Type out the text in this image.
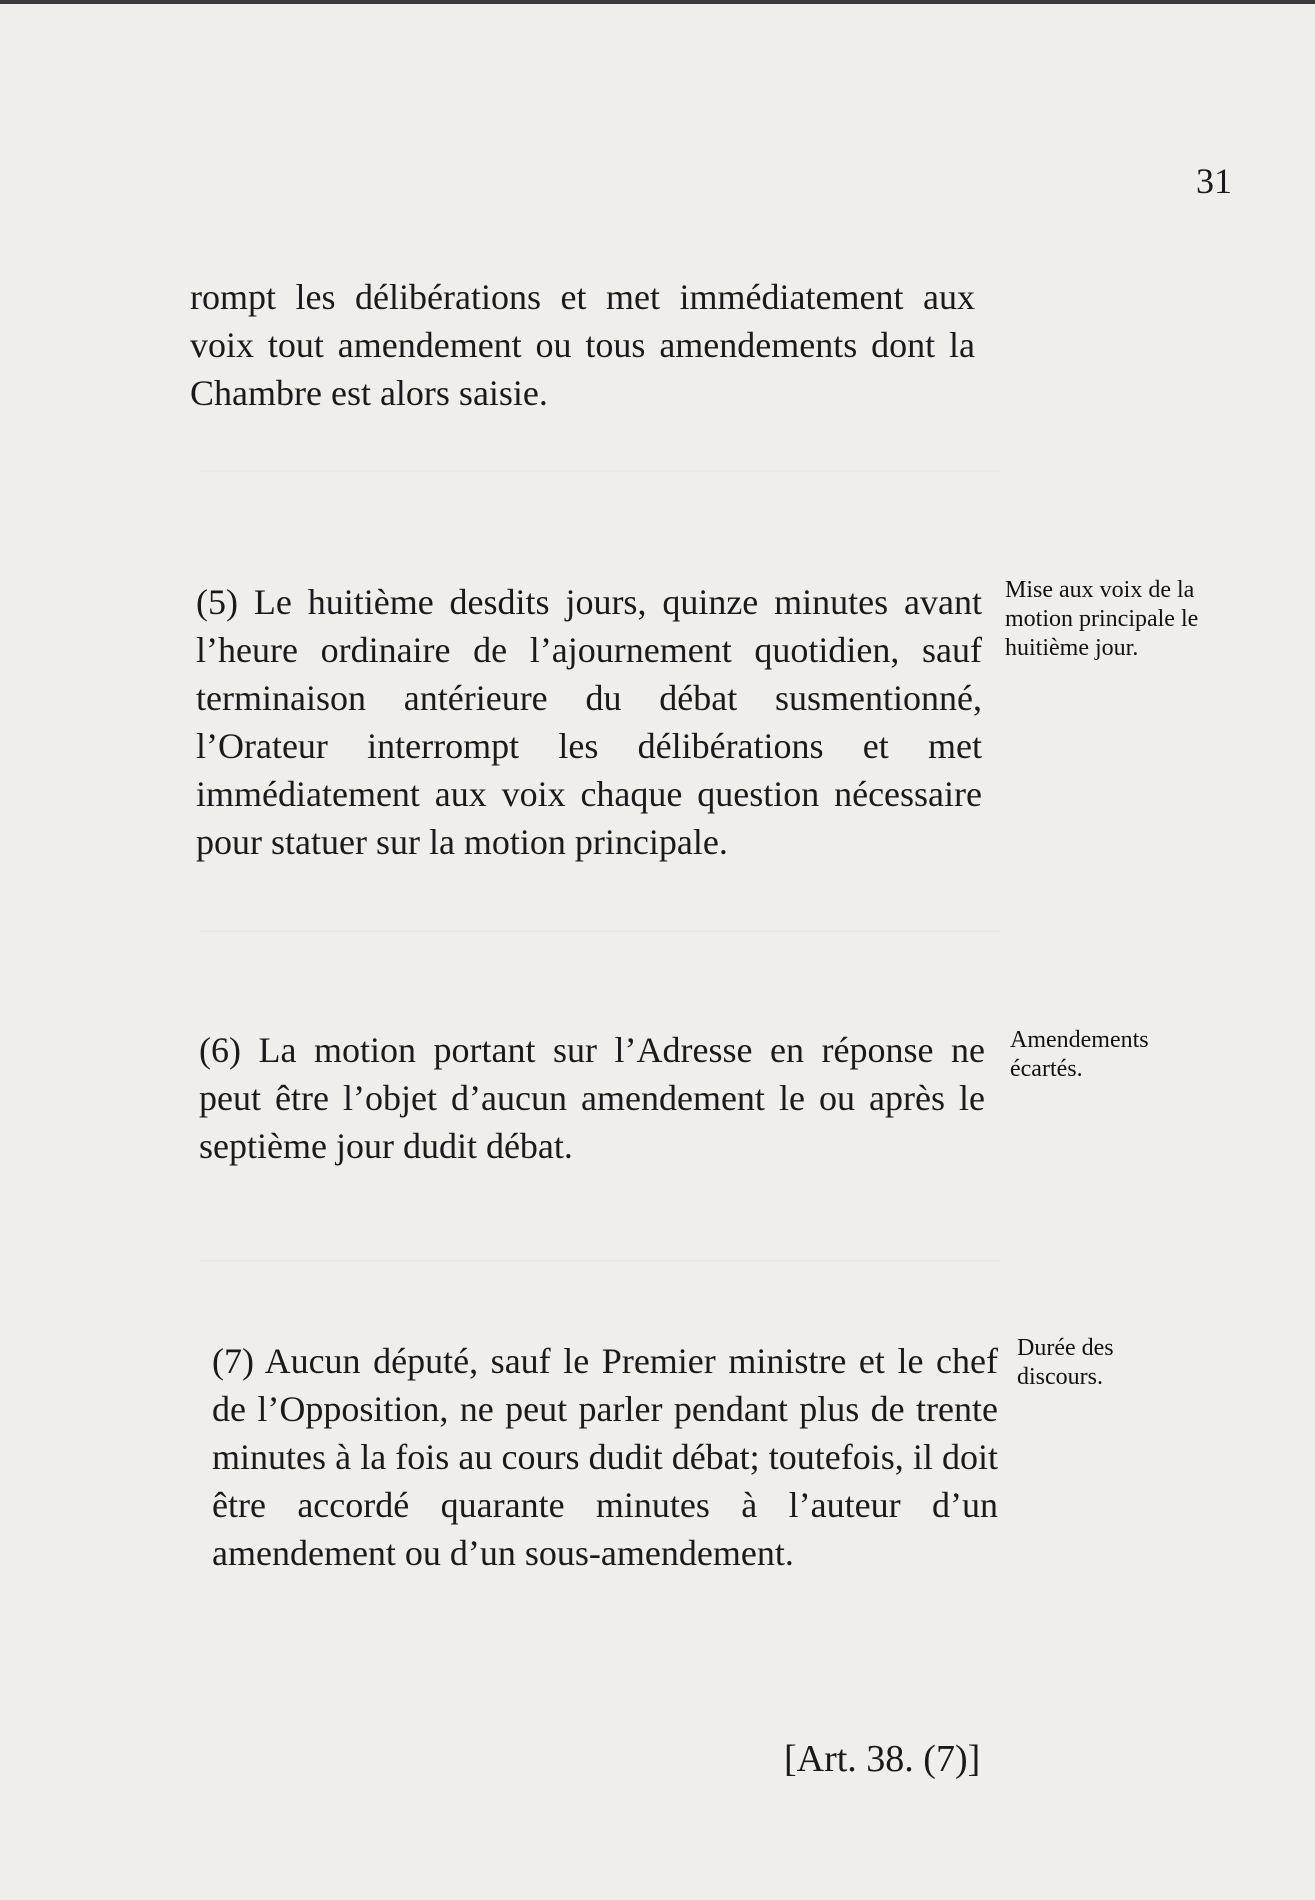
31

rompt les délibérations et met immédiatement aux voix tout amendement ou tous amendements dont la Chambre est alors saisie.

(5) Le huitième desdits jours, quinze minutes avant l’heure ordinaire de l’ajournement quotidien, sauf terminaison antérieure du débat susmentionné, l’Orateur interrompt les délibérations et met immédiatement aux voix chaque question nécessaire pour statuer sur la motion principale.

Mise aux voix de la motion principale le huitième jour.

(6) La motion portant sur l’Adresse en réponse ne peut être l’objet d’aucun amendement le ou après le septième jour dudit débat.

Amendements écartés.

(7) Aucun député, sauf le Premier ministre et le chef de l’Opposition, ne peut parler pendant plus de trente minutes à la fois au cours dudit débat; toutefois, il doit être accordé quarante minutes à l’auteur d’un amendement ou d’un sous-amendement.

Durée des discours.
[Art. 38. (7)]
